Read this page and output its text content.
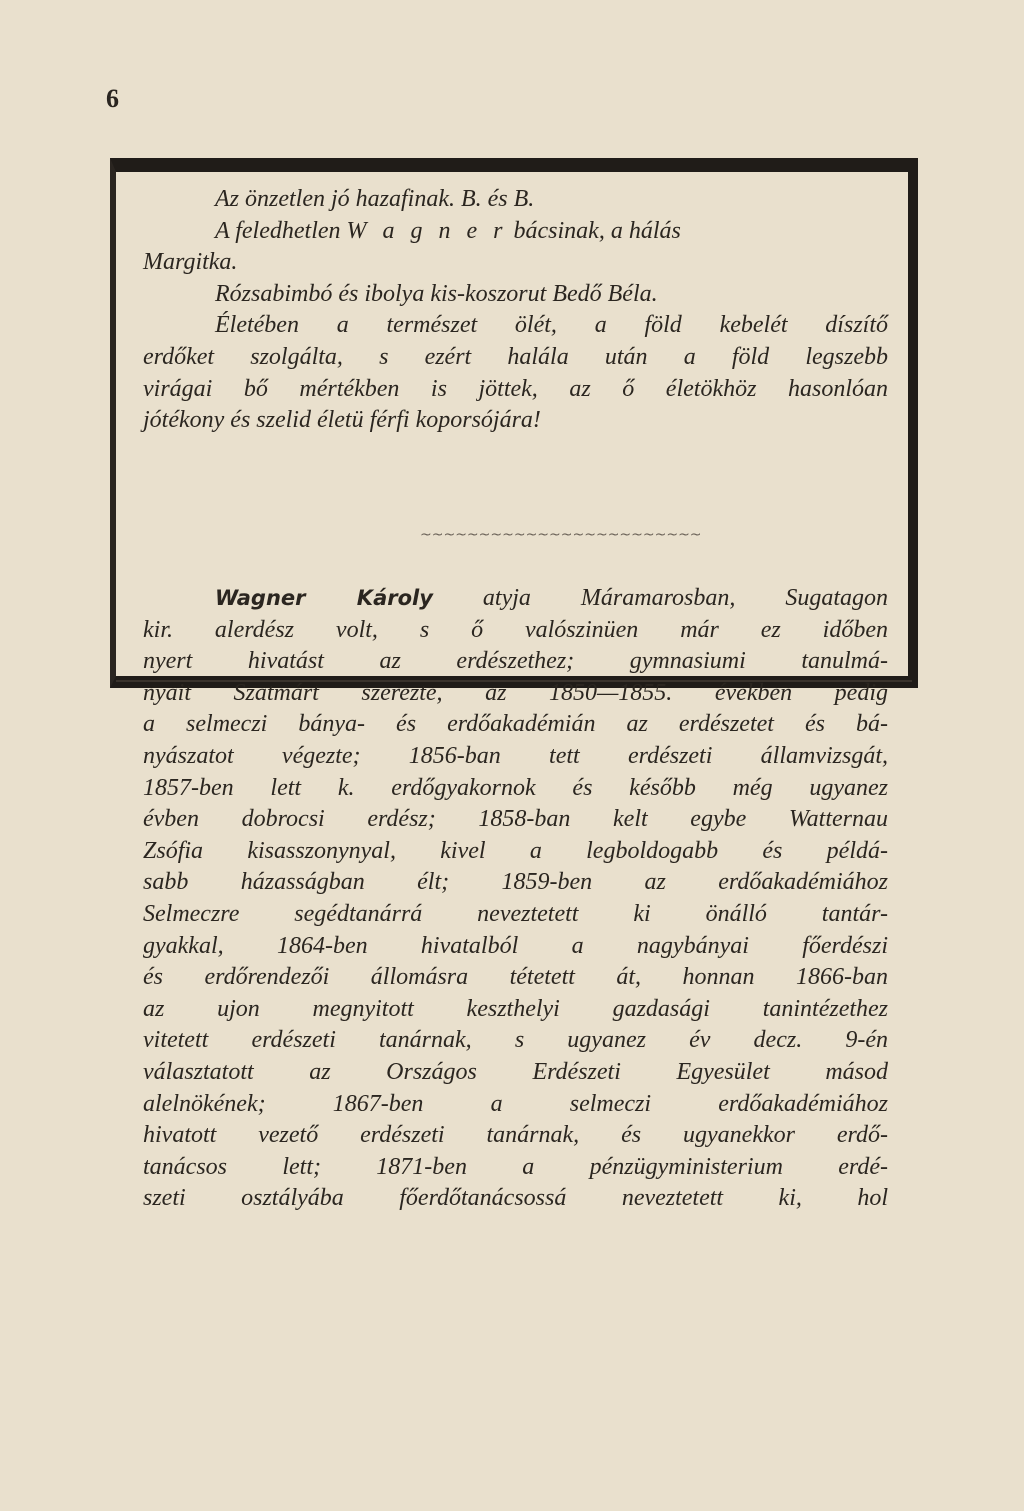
6
Az önzetlen jó hazafinak. B. és B.
A feledhetlen W a g n e r bácsinak, a hálás
Margitka.
Rózsabimbó és ibolya kis-koszorut Bedő Béla.
Életében a természet ölét, a föld kebelét díszítő
erdőket szolgálta, s ezért halála után a föld legszebb
virágai bő mértékben is jöttek, az ő életökhöz hasonlóan
jótékony és szelid életü férfi koporsójára!
~~~~~~~~~~~~~~~~~~~~~~~~
Wagner Károly atyja Máramarosban, Sugatagon
kir. alerdész volt, s ő valószinüen már ez időben
nyert hivatást az erdészethez; gymnasiumi tanulmá-
nyait Szatmárt szerezte, az 1850—1855. években pedig
a selmeczi bánya- és erdőakadémián az erdészetet és bá-
nyászatot végezte; 1856-ban tett erdészeti államvizsgát,
1857-ben lett k. erdőgyakornok és később még ugyanez
évben dobrocsi erdész; 1858-ban kelt egybe Watternau
Zsófia kisasszonynyal, kivel a legboldogabb és példá-
sabb házasságban élt; 1859-ben az erdőakadémiához
Selmeczre segédtanárrá neveztetett ki önálló tantár-
gyakkal, 1864-ben hivatalból a nagybányai főerdészi
és erdőrendezői állomásra tétetett át, honnan 1866-ban
az ujon megnyitott keszthelyi gazdasági tanintézethez
vitetett erdészeti tanárnak, s ugyanez év decz. 9-én
választatott az Országos Erdészeti Egyesület másod
alelnökének; 1867-ben a selmeczi erdőakadémiához
hivatott vezető erdészeti tanárnak, és ugyanekkor erdő-
tanácsos lett; 1871-ben a pénzügyministerium erdé-
szeti osztályába főerdőtanácsossá neveztetett ki, hol
